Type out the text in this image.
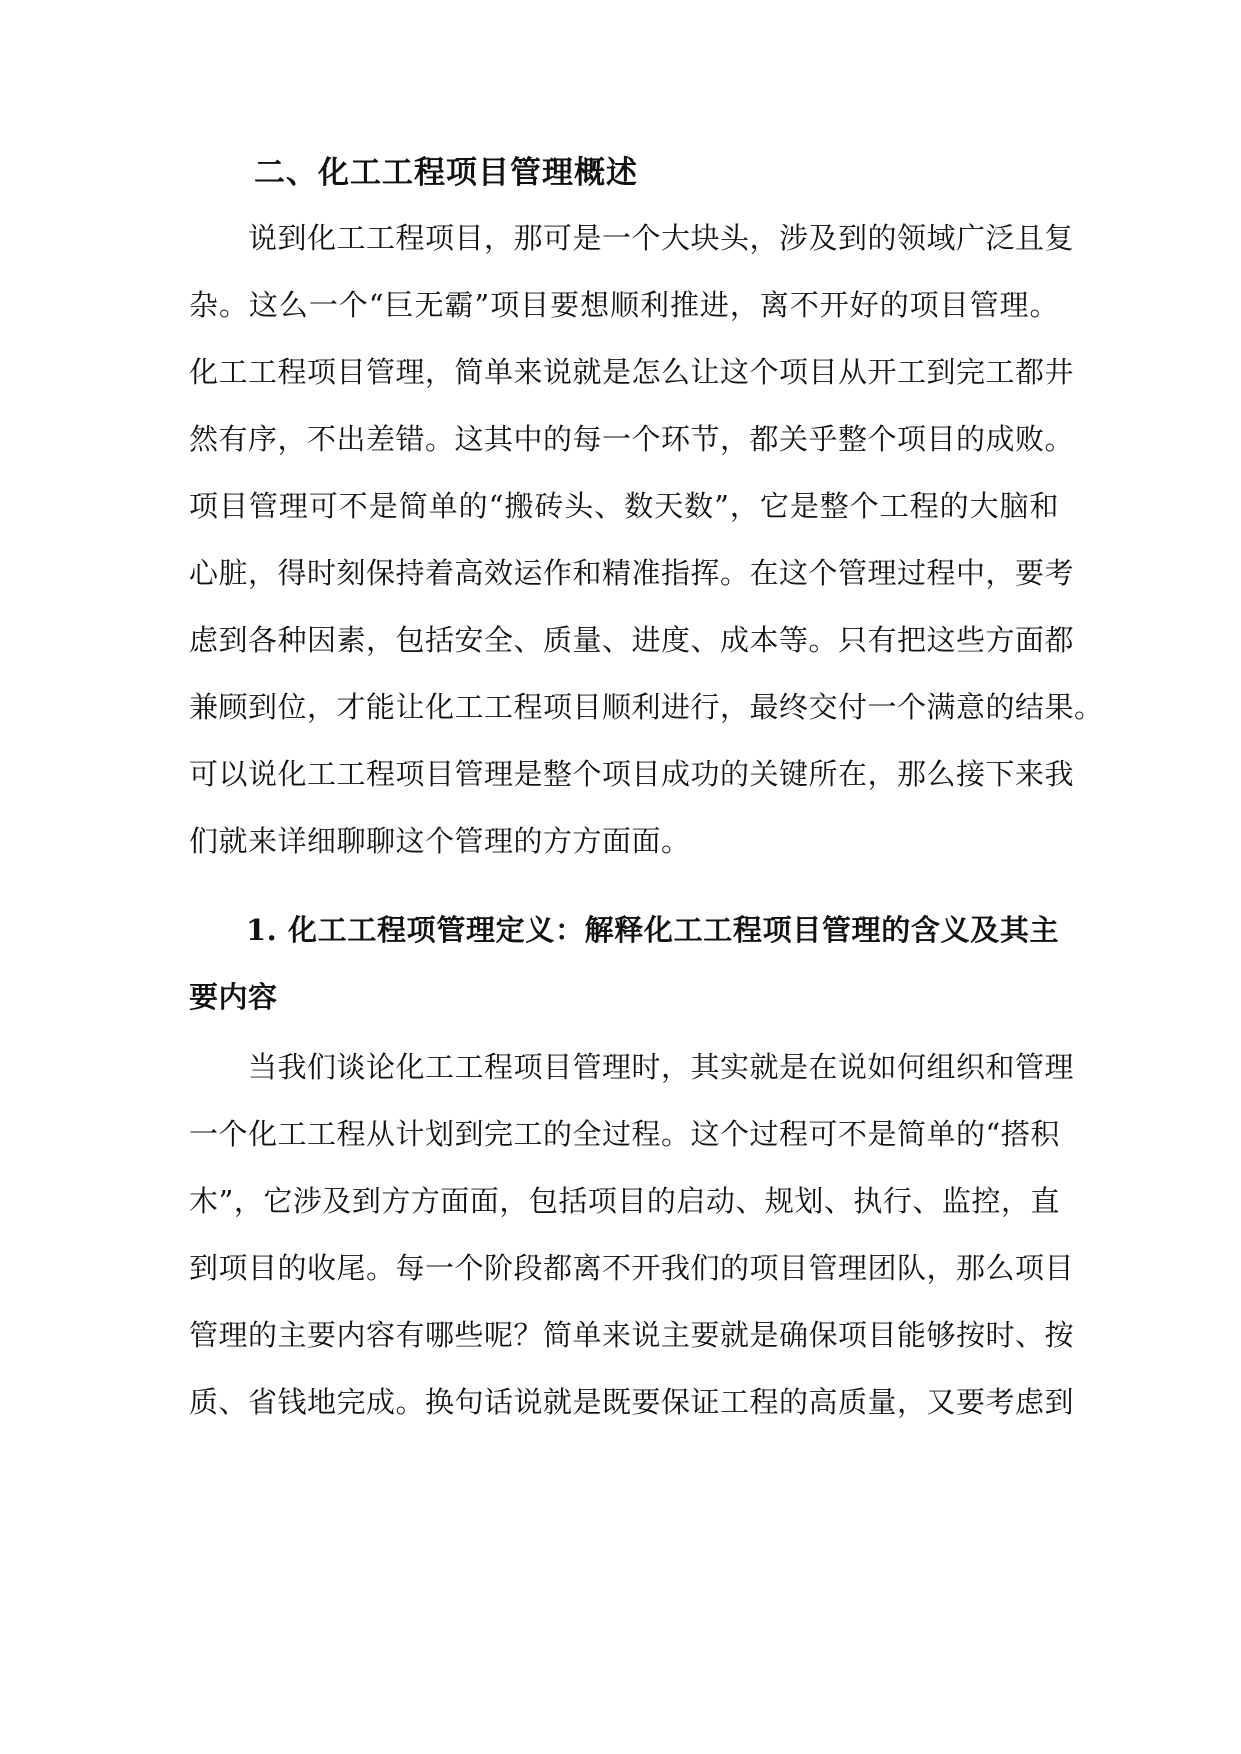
二、化工工程项目管理概述
说到化工工程项目，那可是一个大块头，涉及到的领域广泛且复
杂。这么一个“巨无霸”项目要想顺利推进，离不开好的项目管理。
化工工程项目管理，简单来说就是怎么让这个项目从开工到完工都井
然有序，不出差错。这其中的每一个环节，都关乎整个项目的成败。
项目管理可不是简单的“搬砖头、数天数”，它是整个工程的大脑和
心脏，得时刻保持着高效运作和精准指挥。在这个管理过程中，要考
虑到各种因素，包括安全、质量、进度、成本等。只有把这些方面都
兼顾到位，才能让化工工程项目顺利进行，最终交付一个满意的结果。
可以说化工工程项目管理是整个项目成功的关键所在，那么接下来我
们就来详细聊聊这个管理的方方面面。
1. 化工工程项管理定义：解释化工工程项目管理的含义及其主
要内容
当我们谈论化工工程项目管理时，其实就是在说如何组织和管理
一个化工工程从计划到完工的全过程。这个过程可不是简单的“搭积
木”，它涉及到方方面面，包括项目的启动、规划、执行、监控，直
到项目的收尾。每一个阶段都离不开我们的项目管理团队，那么项目
管理的主要内容有哪些呢？简单来说主要就是确保项目能够按时、按
质、省钱地完成。换句话说就是既要保证工程的高质量，又要考虑到
